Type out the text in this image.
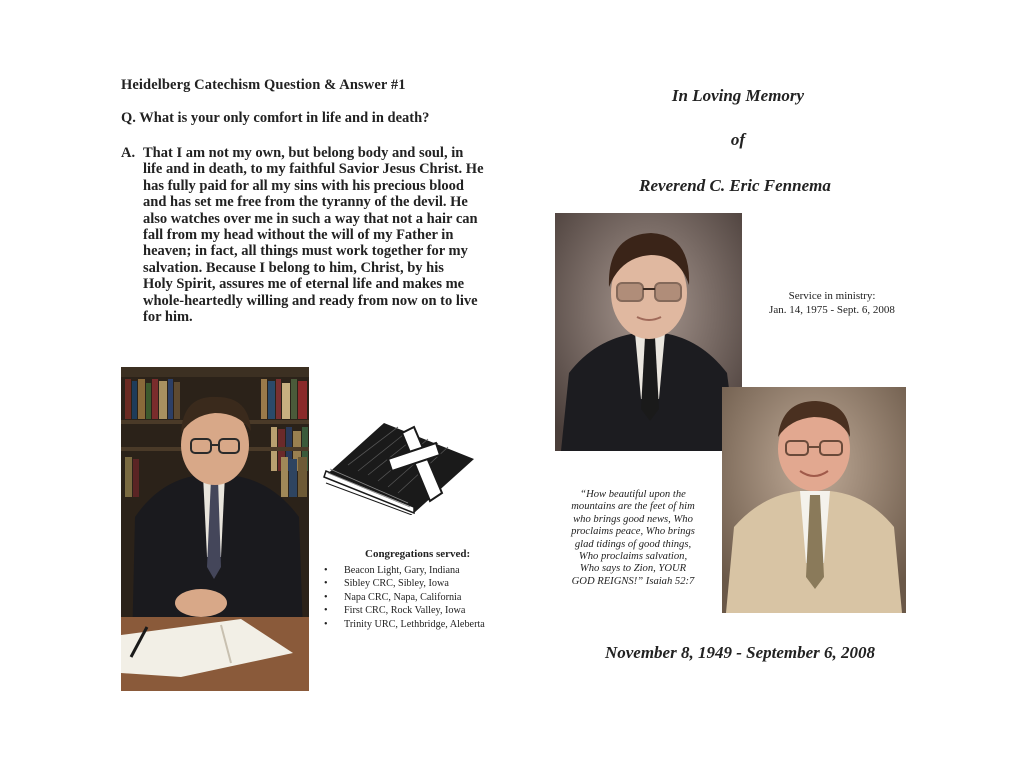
Heidelberg Catechism Question & Answer #1
Q. What is your only comfort in life and in death?
A. That I am not my own, but belong body and soul, in
life and in death, to my faithful Savior Jesus Christ. He
has fully paid for all my sins with his precious blood
and has set me free from the tyranny of the devil. He
also watches over me in such a way that not a hair can
fall from my head without the will of my Father in
heaven; in fact, all things must work together for my
salvation. Because I belong to him, Christ, by his
Holy Spirit, assures me of eternal life and makes me
whole-heartedly willing and ready from now on to live
for him.
Congregations served:
• Beacon Light, Gary, Indiana
• Sibley CRC, Sibley, Iowa
• Napa CRC, Napa, California
• First CRC, Rock Valley, Iowa
• Trinity URC, Lethbridge, Aleberta
In Loving Memory
of
Reverend C. Eric Fennema
Service in ministry:
Jan. 14, 1975 - Sept. 6, 2008
“How beautiful upon the
mountains are the feet of him
who brings good news, Who
proclaims peace, Who brings
glad tidings of good things,
Who proclaims salvation,
Who says to Zion, YOUR
GOD REIGNS!” Isaiah 52:7
November 8, 1949 - September 6, 2008
